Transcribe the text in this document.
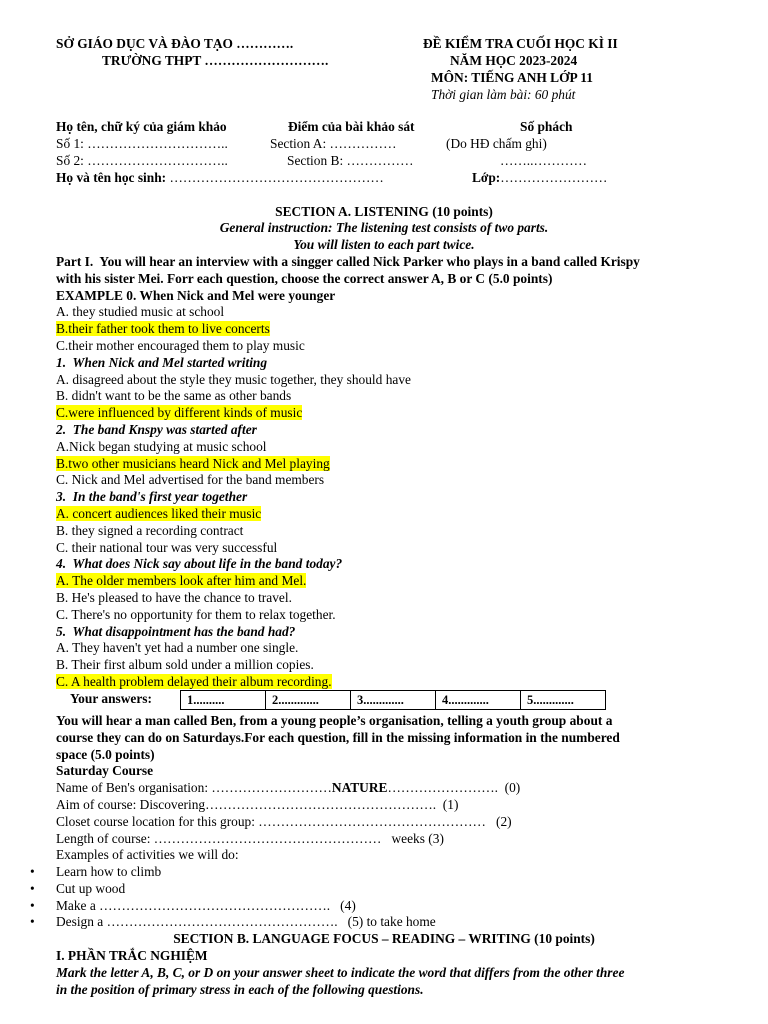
SỞ GIÁO DỤC VÀ ĐÀO TẠO ………….
TRƯỜNG THPT ……………………….
ĐỀ KIỂM TRA CUỐI HỌC KÌ II
NĂM HỌC 2023-2024
MÔN: TIẾNG ANH LỚP 11
Thời gian làm bài: 60 phút
Họ tên, chữ ký của giám khảo	Điểm của bài khảo sát	Số phách
Số 1: …………………………..	Section A: ……………	(Do HĐ chấm ghi)
Số 2: …………………………..	Section B: ……………	……..…………
Họ và tên học sinh: …………………………………………	Lớp:……………………
SECTION A. LISTENING (10 points)
General instruction: The listening test consists of two parts.
You will listen to each part twice.
Part I.  You will hear an interview with a singger called Nick Parker who plays in a band called Krispy
with his sister Mei. Forr each question, choose the correct answer A, B or C (5.0 points)
EXAMPLE 0. When Nick and Mel were younger
A. they studied music at school
B.their father took them to live concerts
C.their mother encouraged them to play music
1.  When Nick and Mel started writing
A. disagreed about the style they music together, they should have
B. didn't want to be the same as other bands
C.were influenced by different kinds of music
2.  The band Knspy was started after
A.Nick began studying at music school
B.two other musicians heard Nick and Mel playing
C. Nick and Mel advertised for the band members
3.  In the band's first year together
A. concert audiences liked their music
B. they signed a recording contract
C. their national tour was very successful
4.  What does Nick say about life in the band today?
A. The older members look after him and Mel.
B. He's pleased to have the chance to travel.
C. There's no opportunity for them to relax together.
5.  What disappointment has the band had?
A. They haven't yet had a number one single.
B. Their first album sold under a million copies.
C. A health problem delayed their album recording.
Your answers:	1..........	2.............	3.............	4.............	5.............
You will hear a man called Ben, from a young people’s organisation, telling a youth group about a
course they can do on Saturdays.For each question, fill in the missing information in the numbered
space (5.0 points)
Saturday Course
Name of Ben's organisation: ………………………NATURE…………………….  (0)
Aim of course: Discovering…………………………………………….  (1)
Closet course location for this group: ……………………………………………   (2)
Length of course: ……………………………………………   weeks (3)
Examples of activities we will do:
• Learn how to climb
• Cut up wood
• Make a …………………………………………….   (4)
• Design a …………………………………………….   (5) to take home
SECTION B. LANGUAGE FOCUS – READING – WRITING (10 points)
I. PHẦN TRẮC NGHIỆM
Mark the letter A, B, C, or D on your answer sheet to indicate the word that differs from the other three
in the position of primary stress in each of the following questions.
